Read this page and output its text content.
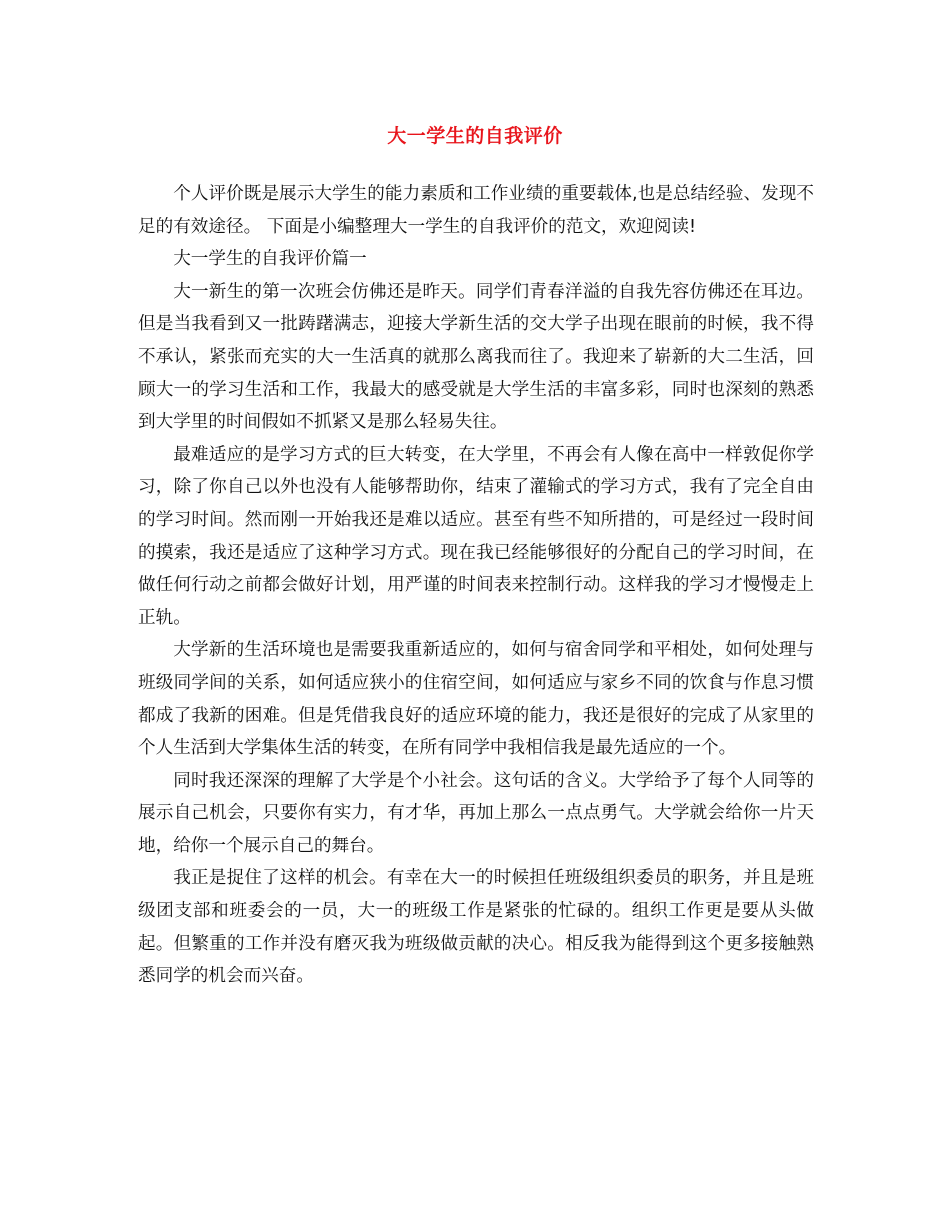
大一学生的自我评价

个人评价既是展示大学生的能力素质和工作业绩的重要载体,也是总结经验、发现不足的有效途径。 下面是小编整理大一学生的自我评价的范文，欢迎阅读!

大一学生的自我评价篇一

大一新生的第一次班会仿佛还是昨天。同学们青春洋溢的自我先容仿佛还在耳边。但是当我看到又一批踌躇满志，迎接大学新生活的交大学子出现在眼前的时候，我不得不承认，紧张而充实的大一生活真的就那么离我而往了。我迎来了崭新的大二生活，回顾大一的学习生活和工作，我最大的感受就是大学生活的丰富多彩，同时也深刻的熟悉到大学里的时间假如不抓紧又是那么轻易失往。

最难适应的是学习方式的巨大转变，在大学里，不再会有人像在高中一样敦促你学习，除了你自己以外也没有人能够帮助你，结束了灌输式的学习方式，我有了完全自由的学习时间。然而刚一开始我还是难以适应。甚至有些不知所措的，可是经过一段时间的摸索，我还是适应了这种学习方式。现在我已经能够很好的分配自己的学习时间，在做任何行动之前都会做好计划，用严谨的时间表来控制行动。这样我的学习才慢慢走上正轨。

大学新的生活环境也是需要我重新适应的，如何与宿舍同学和平相处，如何处理与班级同学间的关系，如何适应狭小的住宿空间，如何适应与家乡不同的饮食与作息习惯都成了我新的困难。但是凭借我良好的适应环境的能力，我还是很好的完成了从家里的个人生活到大学集体生活的转变，在所有同学中我相信我是最先适应的一个。

同时我还深深的理解了大学是个小社会。这句话的含义。大学给予了每个人同等的展示自己机会，只要你有实力，有才华，再加上那么一点点勇气。大学就会给你一片天地，给你一个展示自己的舞台。

我正是捉住了这样的机会。有幸在大一的时候担任班级组织委员的职务，并且是班级团支部和班委会的一员，大一的班级工作是紧张的忙碌的。组织工作更是要从头做起。但繁重的工作并没有磨灭我为班级做贡献的决心。相反我为能得到这个更多接触熟悉同学的机会而兴奋。
